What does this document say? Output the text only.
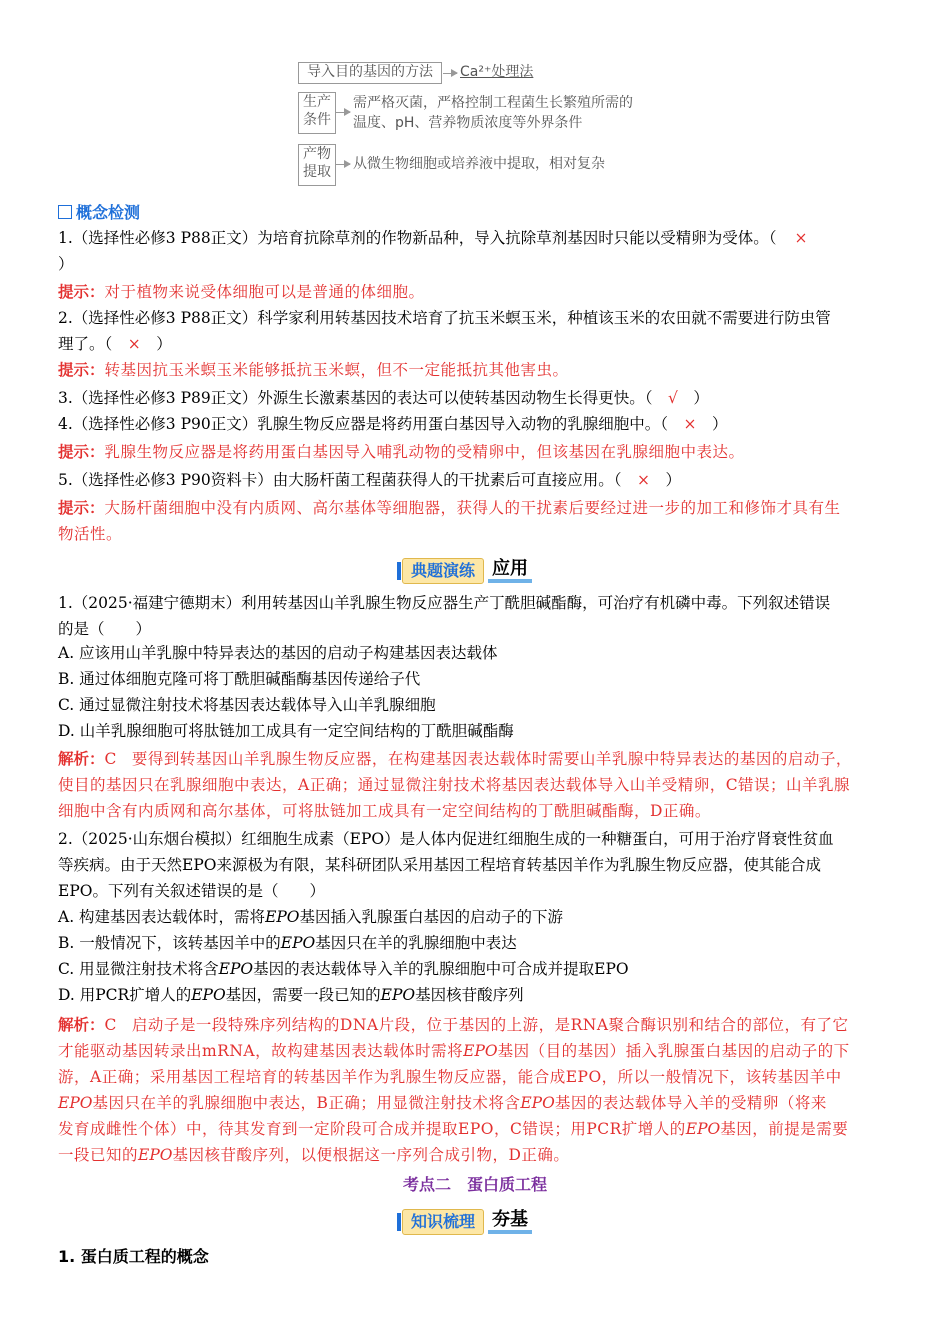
导入目的基因的方法	Ca²⁺处理法
生产
条件
需严格灭菌，严格控制工程菌生长繁殖所需的
温度、pH、营养物质浓度等外界条件
产物
提取 从微生物细胞或培养液中提取，相对复杂
概念检测
1.（选择性必修3 P88正文）为培育抗除草剂的作物新品种，导入抗除草剂基因时只能以受精卵为受体。（ ×
）
提示：对于植物来说受体细胞可以是普通的体细胞。
2.（选择性必修3 P88正文）科学家利用转基因技术培育了抗玉米螟玉米，种植该玉米的农田就不需要进行防虫管
理了。（　 ×　 ）
提示：转基因抗玉米螟玉米能够抵抗玉米螟，但不一定能抵抗其他害虫。
3.（选择性必修3 P89正文）外源生长激素基因的表达可以使转基因动物生长得更快。（　 √　 ）
4.（选择性必修3 P90正文）乳腺生物反应器是将药用蛋白基因导入动物的乳腺细胞中。（　 ×　 ）
提示：乳腺生物反应器是将药用蛋白基因导入哺乳动物的受精卵中，但该基因在乳腺细胞中表达。
5.（选择性必修3 P90资料卡）由大肠杆菌工程菌获得人的干扰素后可直接应用。（　 ×　 ）
提示：大肠杆菌细胞中没有内质网、高尔基体等细胞器，获得人的干扰素后要经过进一步的加工和修饰才具有生
物活性。
典题演练 应用
1.（2025·福建宁德期末）利用转基因山羊乳腺生物反应器生产丁酰胆碱酯酶，可治疗有机磷中毒。下列叙述错误
的是（　　）
A. 应该用山羊乳腺中特异表达的基因的启动子构建基因表达载体
B. 通过体细胞克隆可将丁酰胆碱酯酶基因传递给子代
C. 通过显微注射技术将基因表达载体导入山羊乳腺细胞
D. 山羊乳腺细胞可将肽链加工成具有一定空间结构的丁酰胆碱酯酶
解析：C　 要得到转基因山羊乳腺生物反应器，在构建基因表达载体时需要山羊乳腺中特异表达的基因的启动子，
使目的基因只在乳腺细胞中表达，A正确；通过显微注射技术将基因表达载体导入山羊受精卵，C错误；山羊乳腺
细胞中含有内质网和高尔基体，可将肽链加工成具有一定空间结构的丁酰胆碱酯酶，D正确。
2.（2025·山东烟台模拟）红细胞生成素（EPO）是人体内促进红细胞生成的一种糖蛋白，可用于治疗肾衰性贫血
等疾病。由于天然EPO来源极为有限，某科研团队采用基因工程培育转基因羊作为乳腺生物反应器，使其能合成
EPO。下列有关叙述错误的是（　　）
A. 构建基因表达载体时，需将EPO基因插入乳腺蛋白基因的启动子的下游
B. 一般情况下，该转基因羊中的EPO基因只在羊的乳腺细胞中表达
C. 用显微注射技术将含EPO基因的表达载体导入羊的乳腺细胞中可合成并提取EPO
D. 用PCR扩增人的EPO基因，需要一段已知的EPO基因核苷酸序列
解析：C　 启动子是一段特殊序列结构的DNA片段，位于基因的上游，是RNA聚合酶识别和结合的部位，有了它
才能驱动基因转录出mRNA，故构建基因表达载体时需将EPO基因（目的基因）插入乳腺蛋白基因的启动子的下
游，A正确；采用基因工程培育的转基因羊作为乳腺生物反应器，能合成EPO，所以一般情况下，该转基因羊中
EPO基因只在羊的乳腺细胞中表达，B正确；用显微注射技术将含EPO基因的表达载体导入羊的受精卵（将来
发育成雌性个体）中，待其发育到一定阶段可合成并提取EPO，C错误；用PCR扩增人的EPO基因，前提是需要
一段已知的EPO基因核苷酸序列，以便根据这一序列合成引物，D正确。
考点二　蛋白质工程
知识梳理 夯基
1. 蛋白质工程的概念
